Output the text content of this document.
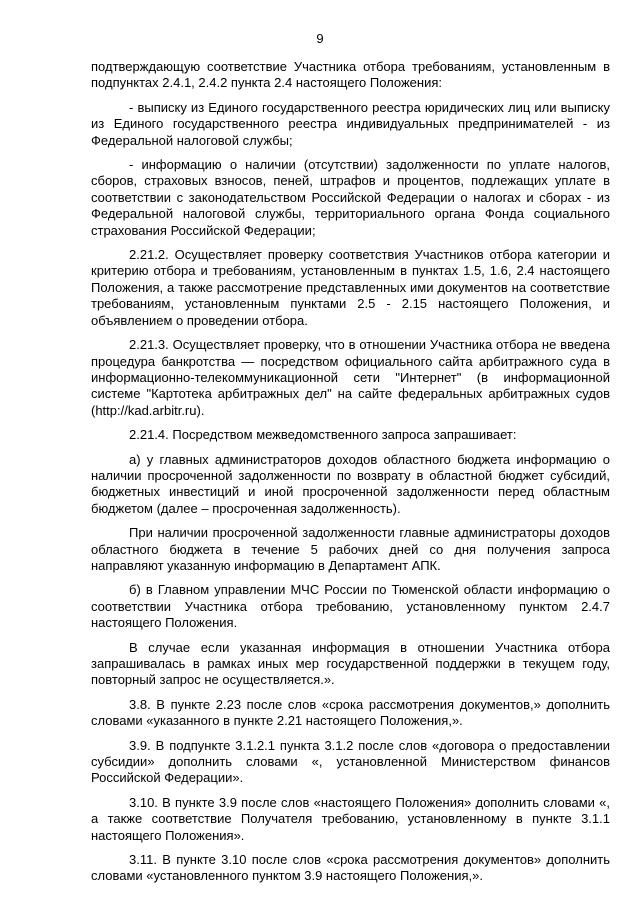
9

подтверждающую соответствие Участника отбора требованиям, установленным в подпунктах 2.4.1, 2.4.2 пункта 2.4 настоящего Положения:

- выписку из Единого государственного реестра юридических лиц или выписку из Единого государственного реестра индивидуальных предпринимателей - из Федеральной налоговой службы;

- информацию о наличии (отсутствии) задолженности по уплате налогов, сборов, страховых взносов, пеней, штрафов и процентов, подлежащих уплате в соответствии с законодательством Российской Федерации о налогах и сборах - из Федеральной налоговой службы, территориального органа Фонда социального страхования Российской Федерации;

2.21.2. Осуществляет проверку соответствия Участников отбора категории и критерию отбора и требованиям, установленным в пунктах 1.5, 1.6, 2.4 настоящего Положения, а также рассмотрение представленных ими документов на соответствие требованиям, установленным пунктами 2.5 - 2.15 настоящего Положения, и объявлением о проведении отбора.

2.21.3. Осуществляет проверку, что в отношении Участника отбора не введена процедура банкротства — посредством официального сайта арбитражного суда в информационно-телекоммуникационной сети "Интернет" (в информационной системе "Картотека арбитражных дел" на сайте федеральных арбитражных судов (http://kad.arbitr.ru).

2.21.4. Посредством межведомственного запроса запрашивает:

а) у главных администраторов доходов областного бюджета информацию о наличии просроченной задолженности по возврату в областной бюджет субсидий, бюджетных инвестиций и иной просроченной задолженности перед областным бюджетом (далее – просроченная задолженность).

При наличии просроченной задолженности главные администраторы доходов областного бюджета в течение 5 рабочих дней со дня получения запроса направляют указанную информацию в Департамент АПК.

б) в Главном управлении МЧС России по Тюменской области информацию о соответствии Участника отбора требованию, установленному пунктом 2.4.7 настоящего Положения.

В случае если указанная информация в отношении Участника отбора запрашивалась в рамках иных мер государственной поддержки в текущем году, повторный запрос не осуществляется.».

3.8. В пункте 2.23 после слов «срока рассмотрения документов,» дополнить словами «указанного в пункте 2.21 настоящего Положения,».

3.9. В подпункте 3.1.2.1 пункта 3.1.2 после слов «договора о предоставлении субсидии» дополнить словами «, установленной Министерством финансов Российской Федерации».

3.10. В пункте 3.9 после слов «настоящего Положения» дополнить словами «, а также соответствие Получателя требованию, установленному в пункте 3.1.1 настоящего Положения».

3.11. В пункте 3.10 после слов «срока рассмотрения документов» дополнить словами «установленного пунктом 3.9 настоящего Положения,».
